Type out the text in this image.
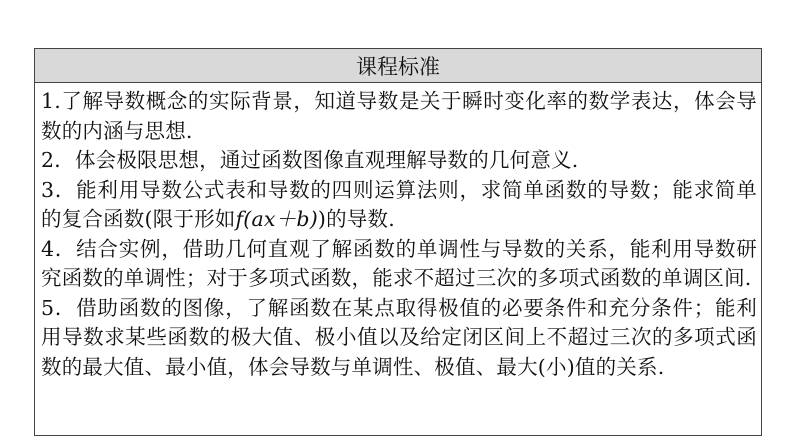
课程标准

1.了解导数概念的实际背景，知道导数是关于瞬时变化率的数学表达，体会导数的内涵与思想.

2．体会极限思想，通过函数图像直观理解导数的几何意义.

3．能利用导数公式表和导数的四则运算法则，求简单函数的导数；能求简单的复合函数(限于形如f(ax＋b))的导数.

4．结合实例，借助几何直观了解函数的单调性与导数的关系，能利用导数研究函数的单调性；对于多项式函数，能求不超过三次的多项式函数的单调区间.

5．借助函数的图像，了解函数在某点取得极值的必要条件和充分条件；能利用导数求某些函数的极大值、极小值以及给定闭区间上不超过三次的多项式函数的最大值、最小值，体会导数与单调性、极值、最大(小)值的关系.
